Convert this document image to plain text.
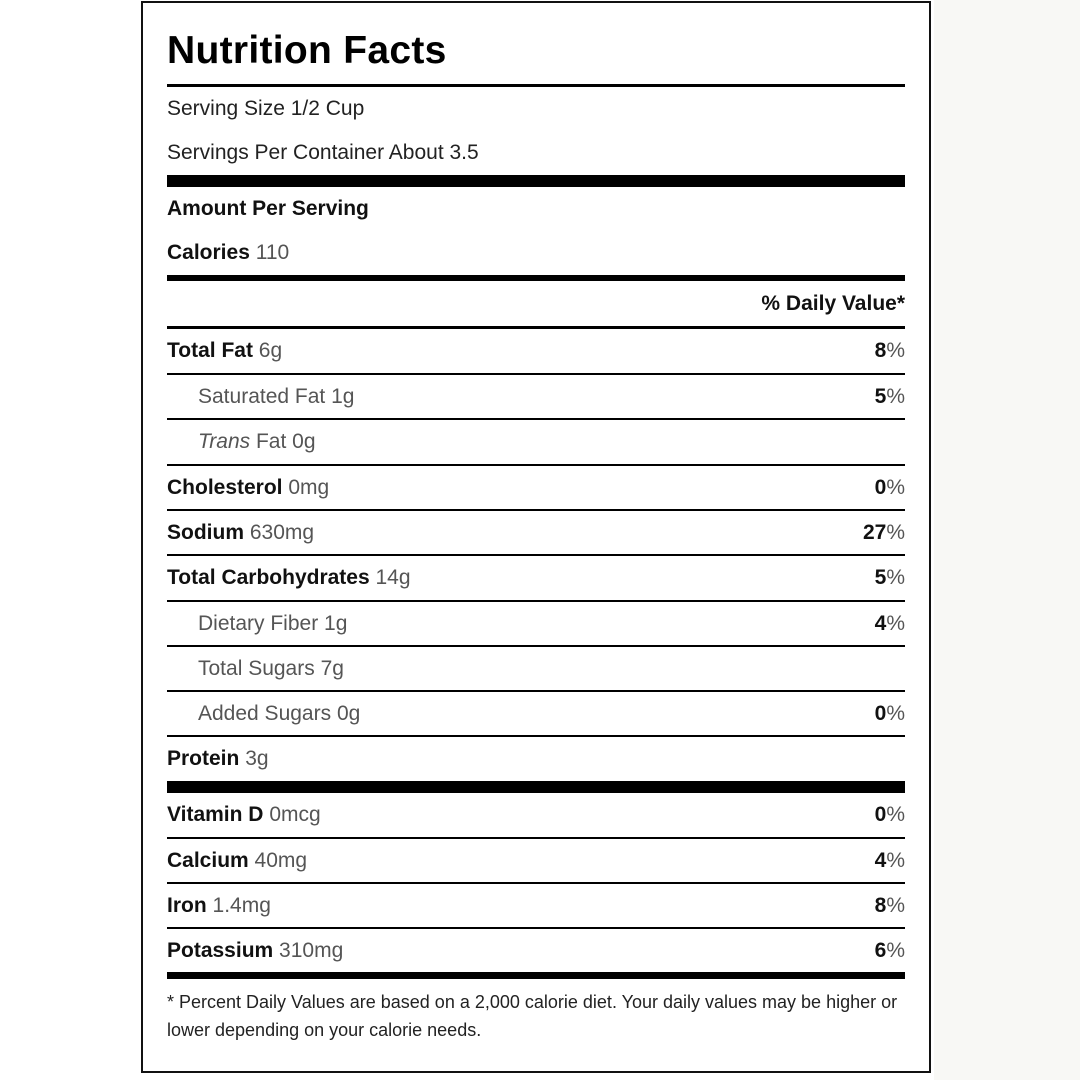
Nutrition Facts
Serving Size 1/2 Cup
Servings Per Container About 3.5
Amount Per Serving
Calories 110
% Daily Value*
Total Fat 6g	8%
Saturated Fat 1g	5%
Trans Fat 0g
Cholesterol 0mg	0%
Sodium 630mg	27%
Total Carbohydrates 14g	5%
Dietary Fiber 1g	4%
Total Sugars 7g
Added Sugars 0g	0%
Protein 3g
Vitamin D 0mcg	0%
Calcium 40mg	4%
Iron 1.4mg	8%
Potassium 310mg	6%
* Percent Daily Values are based on a 2,000 calorie diet. Your daily values may be higher or lower depending on your calorie needs.
